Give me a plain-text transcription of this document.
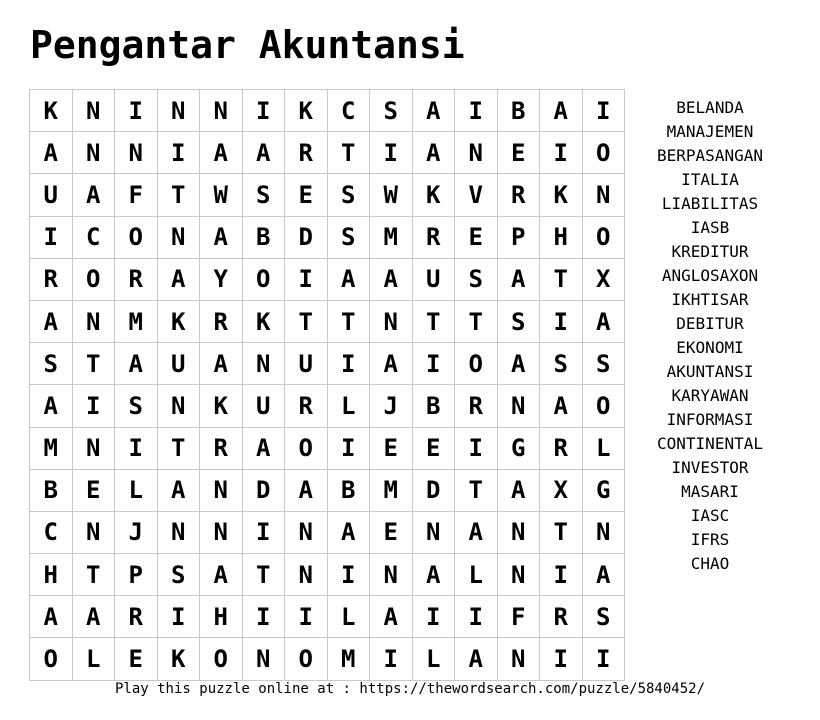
Pengantar Akuntansi
K	N	I	N	N	I	K	C	S	A	I	B	A	I
A	N	N	I	A	A	R	T	I	A	N	E	I	O
U	A	F	T	W	S	E	S	W	K	V	R	K	N
I	C	O	N	A	B	D	S	M	R	E	P	H	O
R	O	R	A	Y	O	I	A	A	U	S	A	T	X
A	N	M	K	R	K	T	T	N	T	T	S	I	A
S	T	A	U	A	N	U	I	A	I	O	A	S	S
A	I	S	N	K	U	R	L	J	B	R	N	A	O
M	N	I	T	R	A	O	I	E	E	I	G	R	L
B	E	L	A	N	D	A	B	M	D	T	A	X	G
C	N	J	N	N	I	N	A	E	N	A	N	T	N
H	T	P	S	A	T	N	I	N	A	L	N	I	A
A	A	R	I	H	I	I	L	A	I	I	F	R	S
O	L	E	K	O	N	O	M	I	L	A	N	I	I
BELANDA
MANAJEMEN
BERPASANGAN
ITALIA
LIABILITAS
IASB
KREDITUR
ANGLOSAXON
IKHTISAR
DEBITUR
EKONOMI
AKUNTANSI
KARYAWAN
INFORMASI
CONTINENTAL
INVESTOR
MASARI
IASC
IFRS
CHAO
Play this puzzle online at : https://thewordsearch.com/puzzle/5840452/
